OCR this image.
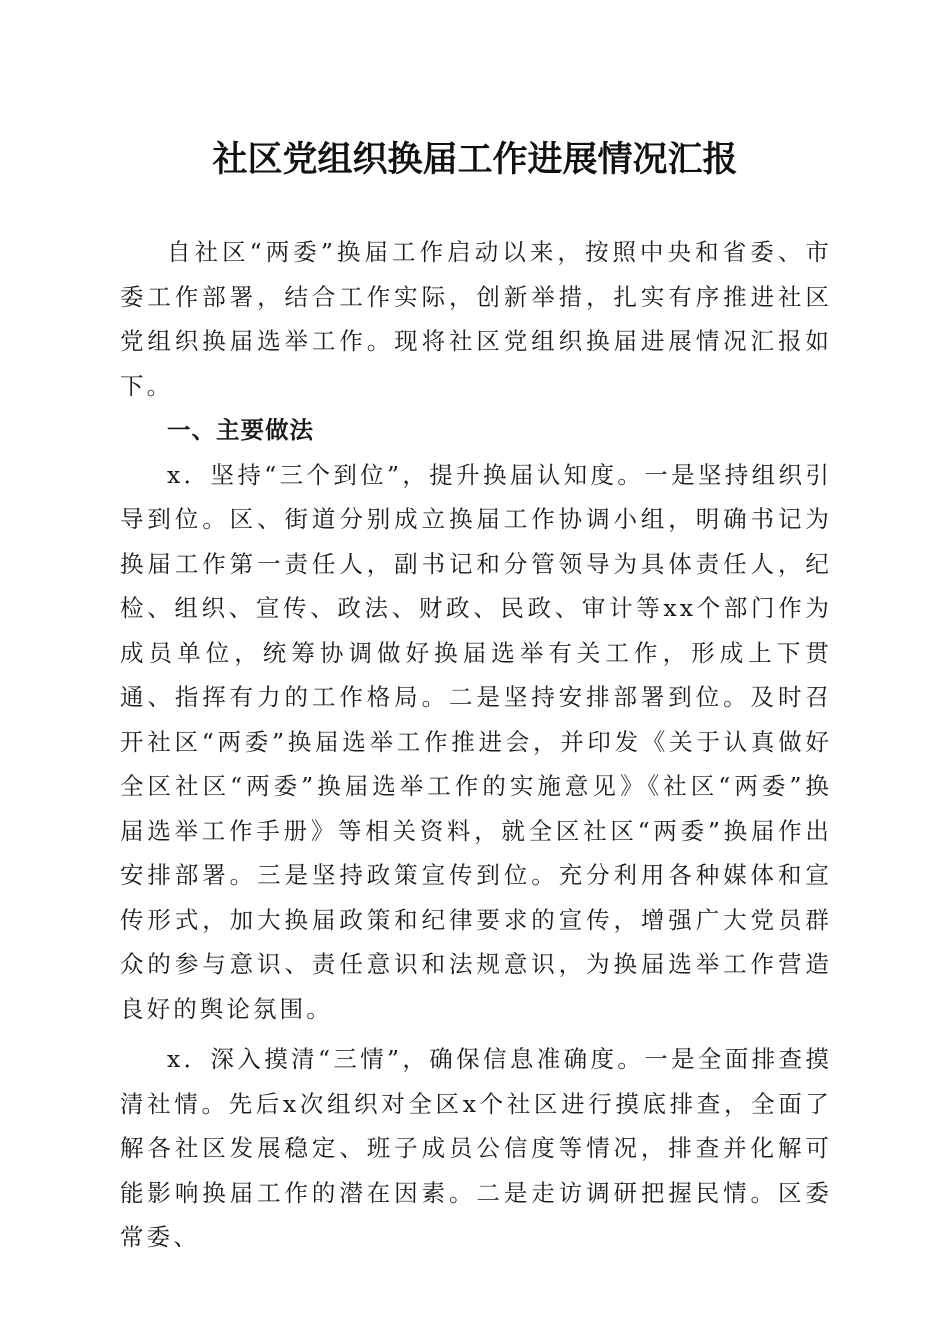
社区党组织换届工作进展情况汇报

自社区“两委”换届工作启动以来，按照中央和省委、市委工作部署，结合工作实际，创新举措，扎实有序推进社区党组织换届选举工作。现将社区党组织换届进展情况汇报如下。

一、主要做法

x．坚持“三个到位”，提升换届认知度。一是坚持组织引导到位。区、街道分别成立换届工作协调小组，明确书记为换届工作第一责任人，副书记和分管领导为具体责任人，纪检、组织、宣传、政法、财政、民政、审计等xx个部门作为成员单位，统筹协调做好换届选举有关工作，形成上下贯通、指挥有力的工作格局。二是坚持安排部署到位。及时召开社区“两委”换届选举工作推进会，并印发《关于认真做好全区社区“两委”换届选举工作的实施意见》《社区“两委”换届选举工作手册》等相关资料，就全区社区“两委”换届作出安排部署。三是坚持政策宣传到位。充分利用各种媒体和宣传形式，加大换届政策和纪律要求的宣传，增强广大党员群众的参与意识、责任意识和法规意识，为换届选举工作营造良好的舆论氛围。

x．深入摸清“三情”，确保信息准确度。一是全面排查摸清社情。先后x次组织对全区x个社区进行摸底排查，全面了解各社区发展稳定、班子成员公信度等情况，排查并化解可能影响换届工作的潜在因素。二是走访调研把握民情。区委常委、
